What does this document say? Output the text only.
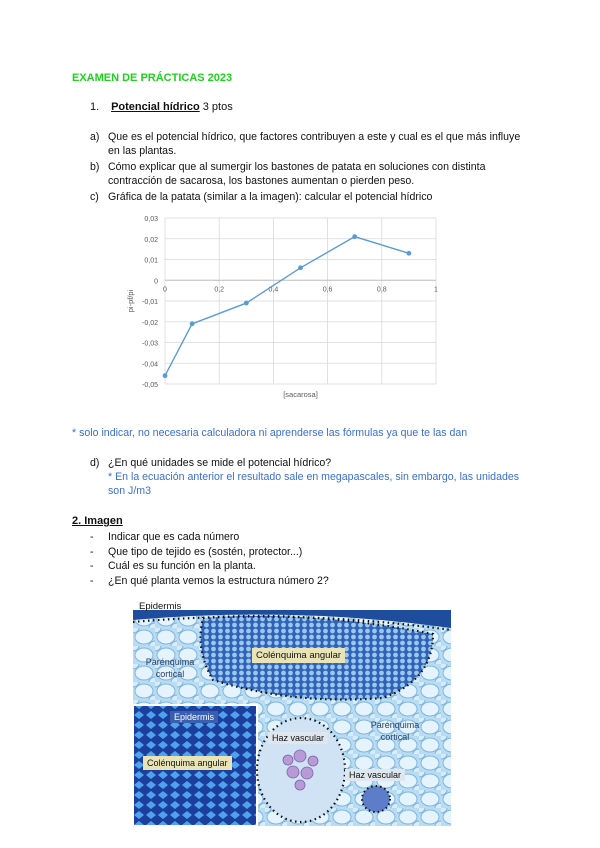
EXAMEN DE PRÁCTICAS 2023
1. Potencial hídrico 3 ptos
a) Que es el potencial hídrico, que factores contribuyen a este y cual es el que más influye en las plantas.
b) Cómo explicar que al sumergir los bastones de patata en soluciones con distinta contracción de sacarosa, los bastones aumentan o pierden peso.
c) Gráfica de la patata (similar a la imagen): calcular el potencial hídrico
0,03
0,02
0,01
0
-0,01
-0,02
-0,03
-0,04
-0,05
0	0,2	0,4	0,6	0,8	1
[sacarosa]
pi-pf/pi
* solo indicar, no necesaria calculadora ni aprenderse las fórmulas ya que te las dan
d) ¿En qué unidades se mide el potencial hídrico?
* En la ecuación anterior el resultado sale en megapascales, sin embargo, las unidades son J/m3
2. Imagen
- Indicar que es cada número
- Que tipo de tejido es (sostén, protector...)
- Cuál es su función en la planta.
- ¿En qué planta vemos la estructura número 2?
Epidermis
Colénquima angular
Parénquima cortical
Epidermis
Colénquima angular
Haz vascular
Parénquima cortical
Haz vascular
